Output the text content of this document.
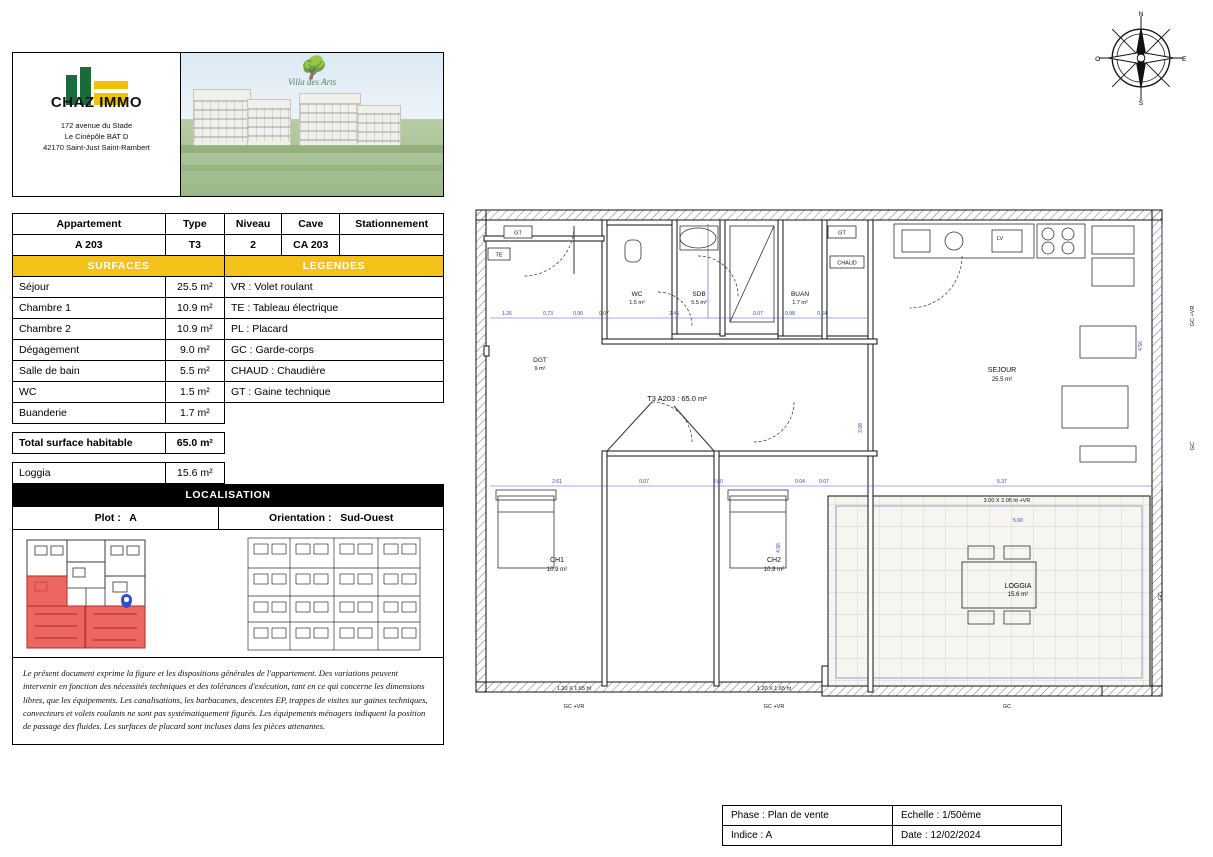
CHAZ IMMO
172 avenue du Stade
Le Cinépôle BAT D
42170 Saint-Just Saint-Rambert
🌳
Villa des Arts
Appartement	Type	Niveau	Cave	Stationnement
A 203	T3	2	CA 203	
SURFACES		LEGENDES		
Séjour	25.5 m²	VR : Volet roulant		
Chambre 1	10.9 m²	TE : Tableau électrique		
Chambre 2	10.9 m²	PL : Placard		
Dégagement	9.0 m²	GC : Garde-corps		
Salle de bain	5.5 m²	CHAUD : Chaudière		
WC	1.5 m²	GT : Gaine technique		
Buanderie	1.7 m²			

Total surface habitable	65.0 m²			

Loggia	15.6 m²			
LOCALISATION
Plot : A	Orientation : Sud-Ouest
Le présent document exprime la figure et les dispositions générales de l'appartement. Des variations peuvent intervenir en fonction des nécessités techniques et des tolérances d'exécution, tant en ce qui concerne les dimensions libres, que les équipements. Les canalisations, les barbacanes, descentes EP, trappes de visites sur gaines techniques, convecteurs et volets roulants ne sont pas systématiquement figurés. Les équipements ménagers indiquent la position de passage des fluides. Les surfaces de placard sont incluses dans les pièces attenantes.
N
S
E
O
LOGGIA
15.6 m²
SEJOUR
25.5 m²
CH1
10.9 m²
CH2
10.9 m²
DGT
9 m²
SDB
5.5 m²
WC
1.5 m²
BUAN
1.7 m²
T3 A203 : 65.0 m²
GT
TE
GT
CHAUD
LV
GC +VR	GC +VR	GC
GC +VR
GC
GC
1.20 X 1.65 ht	1.20 X 1.65 ht
3.00 X 2.05 ht +VR
1.26	0.73	0.90	0.07	2.46	0.07	0.98	0.64
2.61	0.07	2.60	0.04	0.07	5.37
4.96
3.08
5.60
4.56
Phase : Plan de vente	Echelle : 1/50ème
Indice : A	Date : 12/02/2024
